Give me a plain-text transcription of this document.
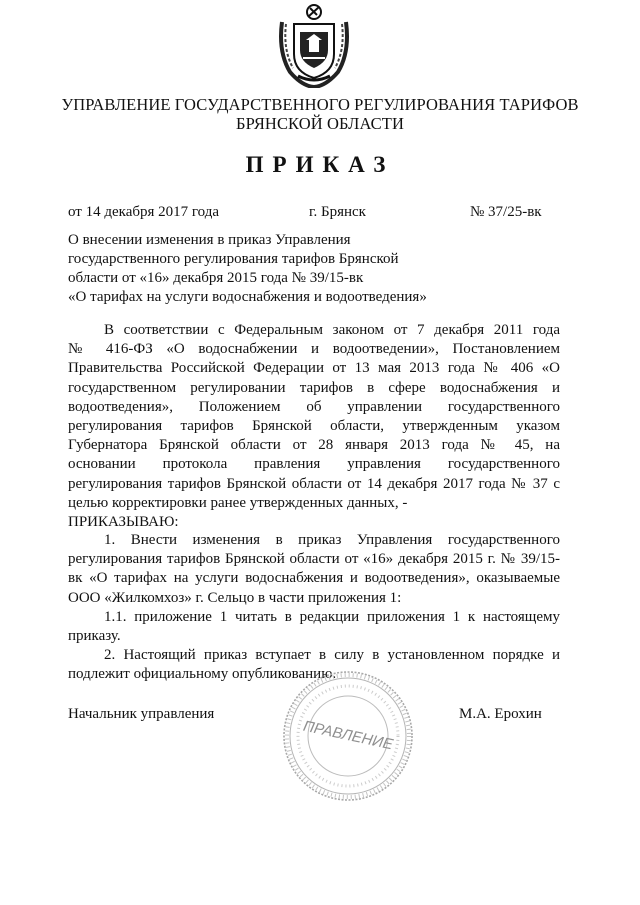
УПРАВЛЕНИЕ ГОСУДАРСТВЕННОГО РЕГУЛИРОВАНИЯ ТАРИФОВ
БРЯНСКОЙ ОБЛАСТИ
ПРИКАЗ
от 14 декабря 2017 года	г. Брянск	№ 37/25-вк
О внесении изменения в приказ Управления
государственного регулирования тарифов Брянской
области от «16» декабря 2015 года № 39/15-вк
«О тарифах на услуги водоснабжения и водоотведения»
В соответствии с Федеральным законом от 7 декабря 2011 года
№ 416-ФЗ «О водоснабжении и водоотведении», Постановлением
Правительства Российской Федерации от 13 мая 2013 года № 406 «О
государственном регулировании тарифов в сфере водоснабжения и
водоотведения», Положением об управлении государственного
регулирования тарифов Брянской области, утвержденным указом
Губернатора Брянской области от 28 января 2013 года № 45, на
основании протокола правления управления государственного
регулирования тарифов Брянской области от 14 декабря 2017 года № 37 с
целью корректировки ранее утвержденных данных, -
ПРИКАЗЫВАЮ:
1. Внести изменения в приказ Управления государственного
регулирования тарифов Брянской области от «16» декабря 2015 г. № 39/15-
вк «О тарифах на услуги водоснабжения и водоотведения», оказываемые
ООО «Жилкомхоз» г. Сельцо в части приложения 1:
1.1. приложение 1 читать в редакции приложения 1 к настоящему
приказу.
2. Настоящий приказ вступает в силу в установленном порядке и
подлежит официальному опубликованию.
ПРАВЛЕНИЕ
Начальник управления	М.А. Ерохин
